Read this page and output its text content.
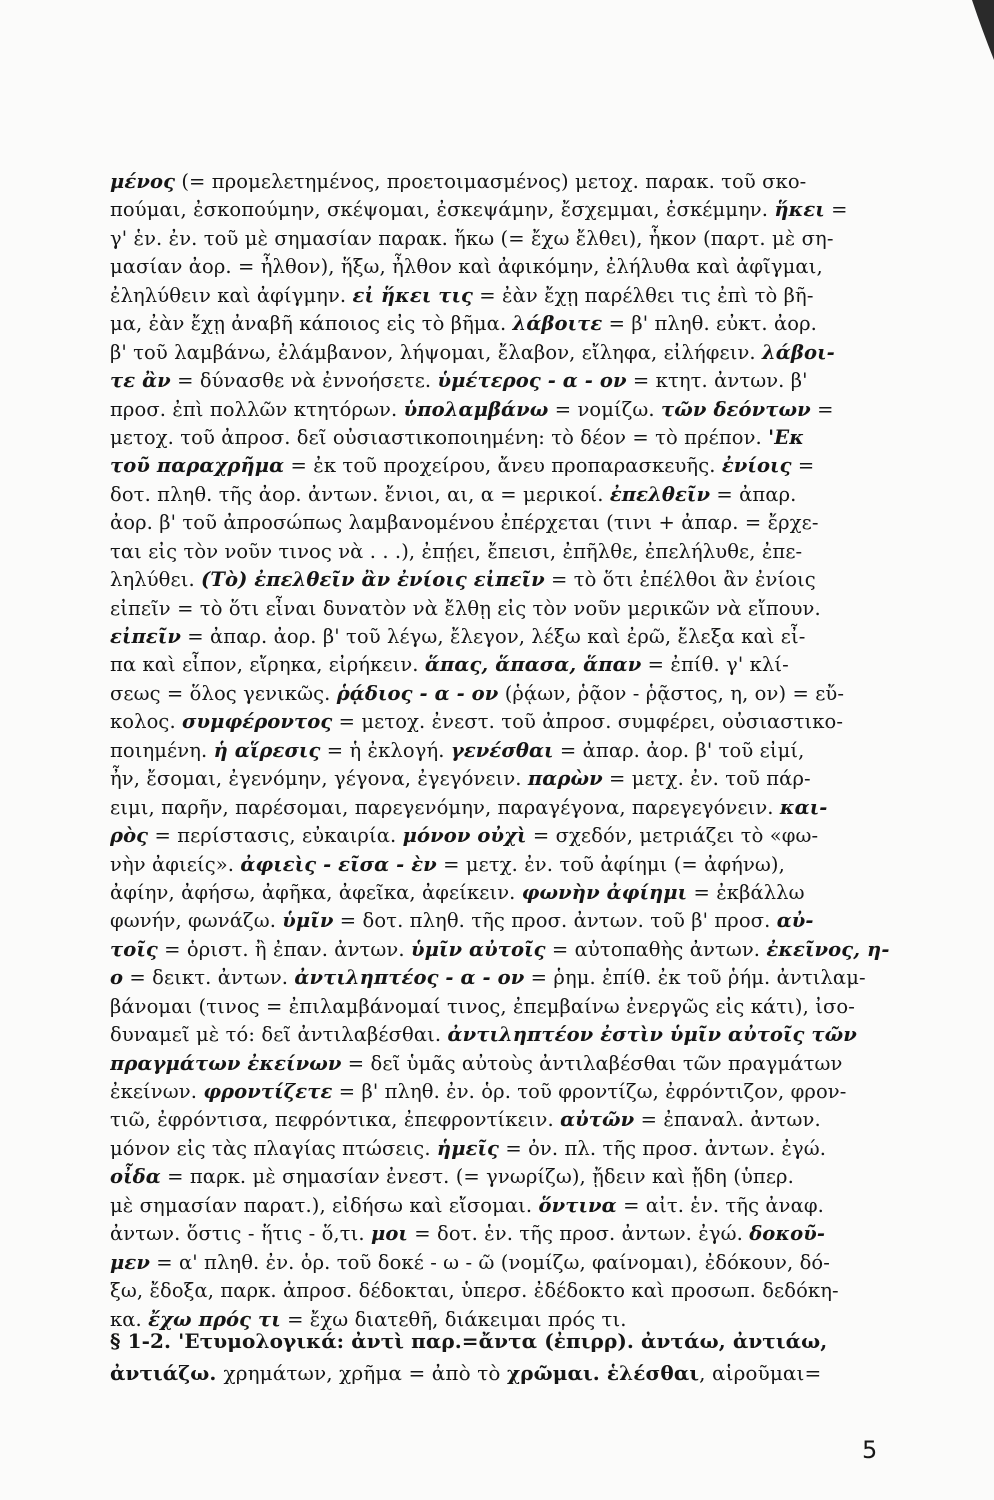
μένος (= προμελετημένος, προετοιμασμένος) μετοχ. παρακ. τοῦ σκο-
πούμαι, ἐσκοπούμην, σκέψομαι, ἐσκεψάμην, ἔσχεμμαι, ἐσκέμμην. ἥκει =
γ' ἑν. ἐν. τοῦ μὲ σημασίαν παρακ. ἥκω (= ἔχω ἔλθει), ἧκον (παρτ. μὲ ση-
μασίαν ἀορ. = ἦλθον), ἥξω, ἦλθον καὶ ἀφικόμην, ἐλήλυθα καὶ ἀφῖγμαι,
ἐληλύθειν καὶ ἀφίγμην. εἰ ἥκει τις = ἐὰν ἔχῃ παρέλθει τις ἐπὶ τὸ βῆ-
μα, ἐὰν ἔχῃ ἀναβῆ κάποιος εἰς τὸ βῆμα. λάβοιτε = β' πληθ. εὐκτ. ἀορ.
β' τοῦ λαμβάνω, ἐλάμβανον, λήψομαι, ἔλαβον, εἴληφα, εἰλήφειν. λάβοι-
τε ἂν = δύνασθε νὰ ἐννοήσετε. ὑμέτερος - α - ον = κτητ. ἀντων. β'
προσ. ἐπὶ πολλῶν κτητόρων. ὑπολαμβάνω = νομίζω. τῶν δεόντων =
μετοχ. τοῦ ἀπροσ. δεῖ οὐσιαστικοποιημένη: τὸ δέον = τὸ πρέπον. 'Εκ
τοῦ παραχρῆμα = ἐκ τοῦ προχείρου, ἄνευ προπαρασκευῆς. ἐνίοις =
δοτ. πληθ. τῆς ἀορ. ἀντων. ἔνιοι, αι, α = μερικοί. ἐπελθεῖν = ἀπαρ.
ἀορ. β' τοῦ ἀπροσώπως λαμβανομένου ἐπέρχεται (τινι + ἀπαρ. = ἔρχε-
ται εἰς τὸν νοῦν τινος νὰ . . .), ἐπῄει, ἔπεισι, ἐπῆλθε, ἐπελήλυθε, ἐπε-
ληλύθει. (Τὸ) ἐπελθεῖν ἂν ἐνίοις εἰπεῖν = τὸ ὅτι ἐπέλθοι ἂν ἐνίοις
εἰπεῖν = τὸ ὅτι εἶναι δυνατὸν νὰ ἔλθῃ εἰς τὸν νοῦν μερικῶν νὰ εἴπουν.
εἰπεῖν = ἀπαρ. ἀορ. β' τοῦ λέγω, ἔλεγον, λέξω καὶ ἐρῶ, ἔλεξα καὶ εἶ-
πα καὶ εἶπον, εἴρηκα, εἰρήκειν. ἅπας, ἅπασα, ἅπαν = ἐπίθ. γ' κλί-
σεως = ὅλος γενικῶς. ῥᾴδιος - α - ον (ῥᾴων, ῥᾷον - ῥᾷστος, η, ον) = εὔ-
κολος. συμφέροντος = μετοχ. ἐνεστ. τοῦ ἀπροσ. συμφέρει, οὐσιαστικο-
ποιημένη. ἡ αἵρεσις = ἡ ἐκλογή. γενέσθαι = ἀπαρ. ἀορ. β' τοῦ εἰμί,
ἦν, ἔσομαι, ἐγενόμην, γέγονα, ἐγεγόνειν. παρὼν = μετχ. ἐν. τοῦ πάρ-
ειμι, παρῆν, παρέσομαι, παρεγενόμην, παραγέγονα, παρεγεγόνειν. και-
ρὸς = περίστασις, εὐκαιρία. μόνον οὐχὶ = σχεδόν, μετριάζει τὸ «φω-
νὴν ἀφιείς». ἀφιεὶς - εῖσα - ὲν = μετχ. ἐν. τοῦ ἀφίημι (= ἀφήνω),
ἀφίην, ἀφήσω, ἀφῆκα, ἀφεῖκα, ἀφείκειν. φωνὴν ἀφίημι = ἐκβάλλω
φωνήν, φωνάζω. ὑμῖν = δοτ. πληθ. τῆς προσ. ἀντων. τοῦ β' προσ. αὐ-
τοῖς = ὁριστ. ἢ ἐπαν. ἀντων. ὑμῖν αὐτοῖς = αὐτοπαθὴς ἀντων. ἐκεῖνος, η-
ο = δεικτ. ἀντων. ἀντιληπτέος - α - ον = ῥημ. ἐπίθ. ἐκ τοῦ ῥήμ. ἀντιλαμ-
βάνομαι (τινος = ἐπιλαμβάνομαί τινος, ἐπεμβαίνω ἐνεργῶς εἰς κάτι), ἰσο-
δυναμεῖ μὲ τό: δεῖ ἀντιλαβέσθαι. ἀντιληπτέον ἐστὶν ὑμῖν αὐτοῖς τῶν
πραγμάτων ἐκείνων = δεῖ ὑμᾶς αὐτοὺς ἀντιλαβέσθαι τῶν πραγμάτων
ἐκείνων. φροντίζετε = β' πληθ. ἐν. ὁρ. τοῦ φροντίζω, ἐφρόντιζον, φρον-
τιῶ, ἐφρόντισα, πεφρόντικα, ἐπεφροντίκειν. αὐτῶν = ἐπαναλ. ἀντων.
μόνον εἰς τὰς πλαγίας πτώσεις. ἡμεῖς = ὀν. πλ. τῆς προσ. ἀντων. ἐγώ.
οἶδα = παρκ. μὲ σημασίαν ἐνεστ. (= γνωρίζω), ᾔδειν καὶ ᾔδη (ὑπερ.
μὲ σημασίαν παρατ.), εἰδήσω καὶ εἴσομαι. ὅντινα = αἰτ. ἑν. τῆς ἀναφ.
ἀντων. ὅστις - ἥτις - ὅ,τι. μοι = δοτ. ἑν. τῆς προσ. ἀντων. ἐγώ. δοκοῦ-
μεν = α' πληθ. ἐν. ὁρ. τοῦ δοκέ - ω - ῶ (νομίζω, φαίνομαι), ἐδόκουν, δό-
ξω, ἔδοξα, παρκ. ἀπροσ. δέδοκται, ὑπερσ. ἐδέδοκτο καὶ προσωπ. δεδόκη-
κα. ἔχω πρός τι = ἔχω διατεθῆ, διάκειμαι πρός τι.
§ 1-2. 'Ετυμολογικά: ἀντὶ παρ.=ἄντα (ἐπιρρ). ἀντάω, ἀντιάω,
ἀντιάζω. χρημάτων, χρῆμα = ἀπὸ τὸ χρῶμαι. ἑλέσθαι, αἱροῦμαι=
5
